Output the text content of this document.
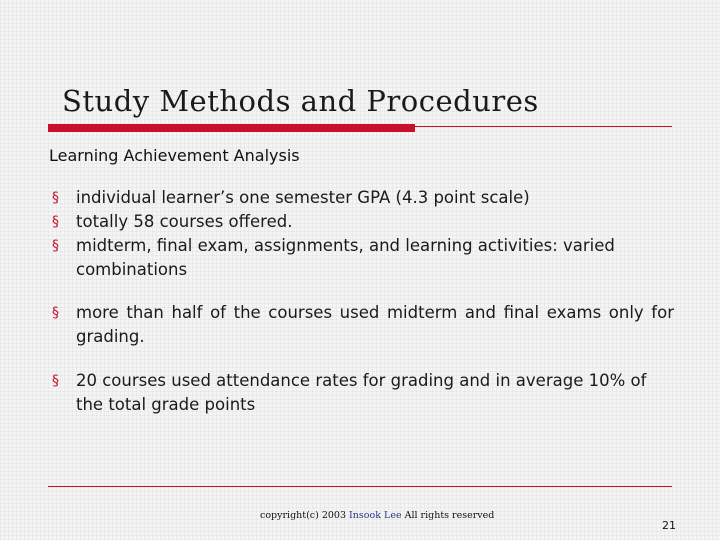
Study Methods and Procedures
Learning Achievement Analysis
§	individual learner’s one semester GPA (4.3 point scale)
§	totally 58 courses offered.
§	midterm, final exam, assignments, and learning activities: varied combinations
§	more than half of the courses used midterm and final exams only for grading.
§	20 courses used attendance rates for grading and in average 10% of the total grade points
copyright(c) 2003 Insook Lee All rights reserved
21
